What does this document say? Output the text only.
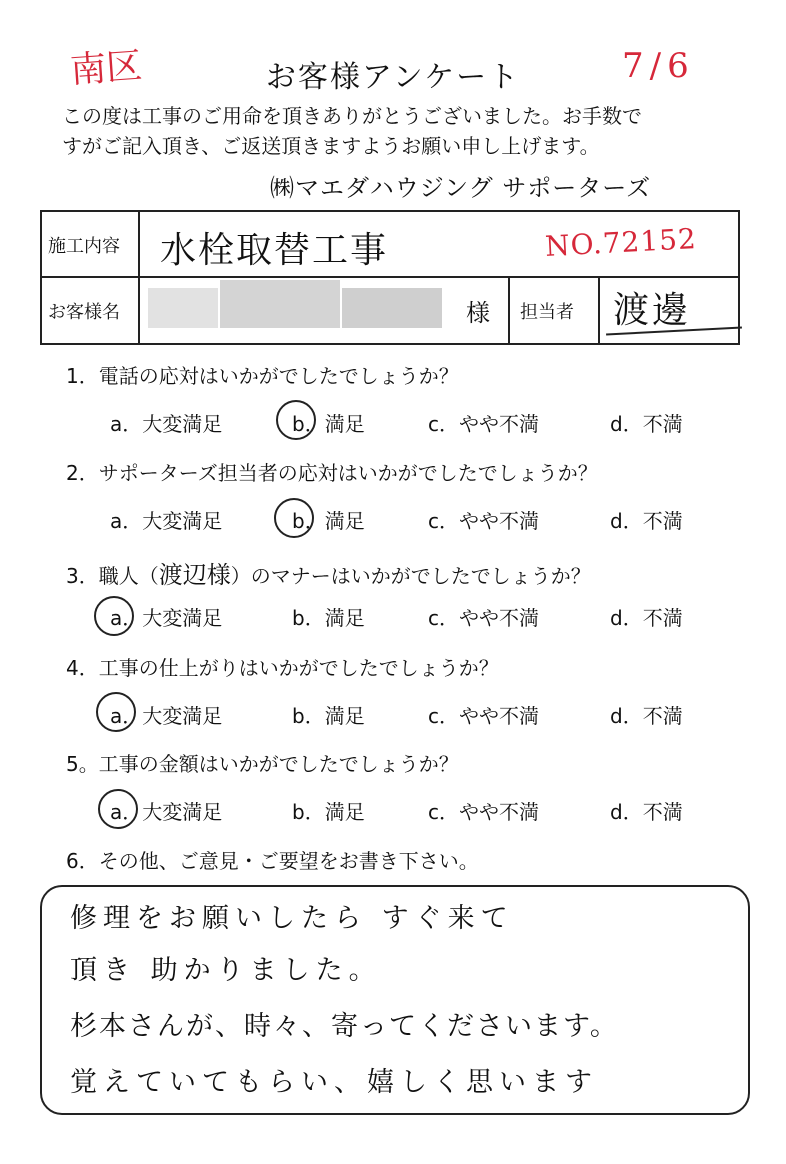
南区	7/6
お客様アンケート
この度は工事のご用命を頂きありがとうございました。お手数で
すがご記入頂き、ご返送頂きますようお願い申し上げます。
㈱マエダハウジング サポーターズ
施工内容 水栓取替工事	NO.72152
お客様名	様 担当者 渡邊
1．電話の応対はいかがでしたでしょうか？
a．大変満足	b．満足	c．やや不満	d．不満
2．サポーターズ担当者の応対はいかがでしたでしょうか？
a．大変満足	b．満足	c．やや不満	d．不満
3．職人（渡辺様）のマナーはいかがでしたでしょうか？
a．大変満足	b．満足	c．やや不満	d．不満
4．工事の仕上がりはいかがでしたでしょうか？
a．大変満足	b．満足	c．やや不満	d．不満
5。工事の金額はいかがでしたでしょうか？
a．大変満足	b．満足	c．やや不満	d．不満
6．その他、ご意見・ご要望をお書き下さい。
修理をお願いしたら すぐ来て
頂き 助かりました。
杉本さんが、時々、寄ってくださいます。
覚えていてもらい、嬉しく思います
